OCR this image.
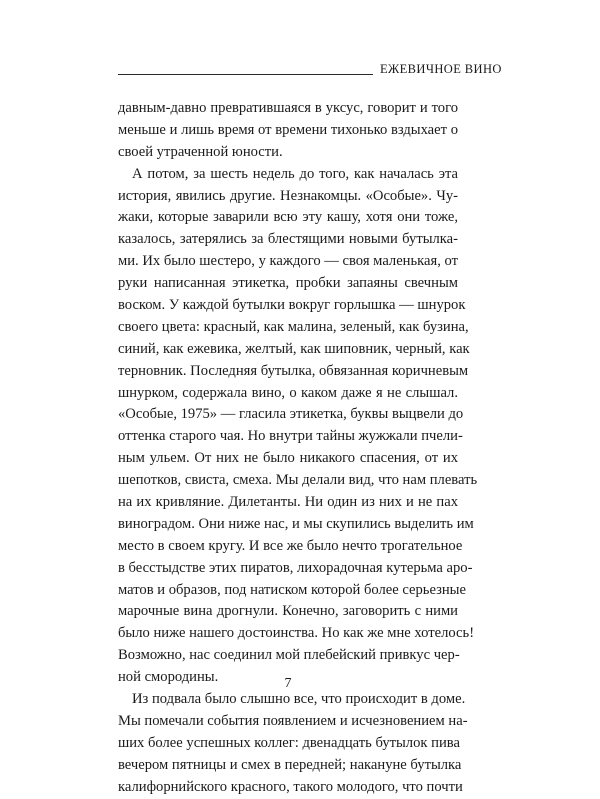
ЕЖЕВИЧНОЕ ВИНО
давным-давно превратившаяся в уксус, говорит и того
меньше и лишь время от времени тихонько вздыхает о
своей утраченной юности.
А потом, за шесть недель до того, как началась эта
история, явились другие. Незнакомцы. «Особые». Чу-
жаки, которые заварили всю эту кашу, хотя они тоже,
казалось, затерялись за блестящими новыми бутылка-
ми. Их было шестеро, у каждого — своя маленькая, от
руки написанная этикетка, пробки запаяны свечным
воском. У каждой бутылки вокруг горлышка — шнурок
своего цвета: красный, как малина, зеленый, как бузина,
синий, как ежевика, желтый, как шиповник, черный, как
терновник. Последняя бутылка, обвязанная коричневым
шнурком, содержала вино, о каком даже я не слышал.
«Особые, 1975» — гласила этикетка, буквы выцвели до
оттенка старого чая. Но внутри тайны жужжали пчели-
ным ульем. От них не было никакого спасения, от их
шепотков, свиста, смеха. Мы делали вид, что нам плевать
на их кривляние. Дилетанты. Ни один из них и не пах
виноградом. Они ниже нас, и мы скупились выделить им
место в своем кругу. И все же было нечто трогательное
в бесстыдстве этих пиратов, лихорадочная кутерьма аро-
матов и образов, под натиском которой более серьезные
марочные вина дрогнули. Конечно, заговорить с ними
было ниже нашего достоинства. Но как же мне хотелось!
Возможно, нас соединил мой плебейский привкус чер-
ной смородины.
Из подвала было слышно все, что происходит в доме.
Мы помечали события появлением и исчезновением на-
ших более успешных коллег: двенадцать бутылок пива
вечером пятницы и смех в передней; накануне бутылка
калифорнийского красного, такого молодого, что почти
7
